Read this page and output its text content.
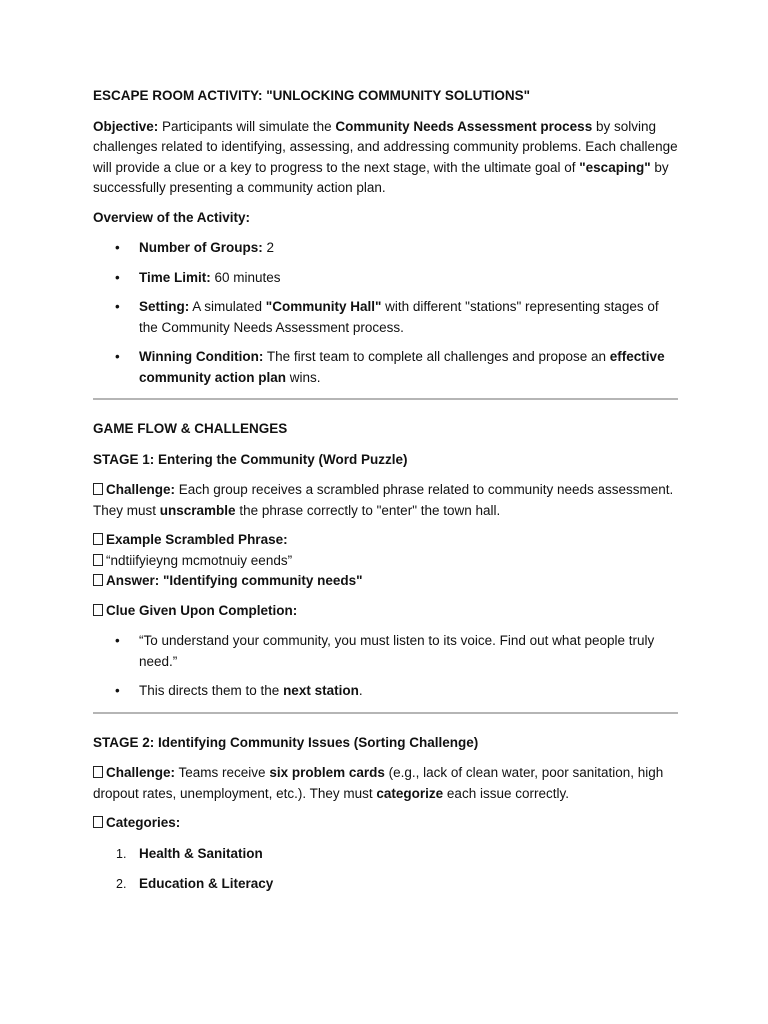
ESCAPE ROOM ACTIVITY: "UNLOCKING COMMUNITY SOLUTIONS"

Objective: Participants will simulate the Community Needs Assessment process by solving challenges related to identifying, assessing, and addressing community problems. Each challenge will provide a clue or a key to progress to the next stage, with the ultimate goal of "escaping" by successfully presenting a community action plan.

Overview of the Activity:

• Number of Groups: 2
• Time Limit: 60 minutes
• Setting: A simulated "Community Hall" with different "stations" representing stages of the Community Needs Assessment process.
• Winning Condition: The first team to complete all challenges and propose an effective community action plan wins.

GAME FLOW & CHALLENGES

STAGE 1: Entering the Community (Word Puzzle)

Challenge: Each group receives a scrambled phrase related to community needs assessment. They must unscramble the phrase correctly to "enter" the town hall.

Example Scrambled Phrase:
“ndtiifyieyng mcmotnuiy eends”
Answer: "Identifying community needs"

Clue Given Upon Completion:

• “To understand your community, you must listen to its voice. Find out what people truly need.”
• This directs them to the next station.

STAGE 2: Identifying Community Issues (Sorting Challenge)

Challenge: Teams receive six problem cards (e.g., lack of clean water, poor sanitation, high dropout rates, unemployment, etc.). They must categorize each issue correctly.

Categories:

1. Health & Sanitation
2. Education & Literacy
